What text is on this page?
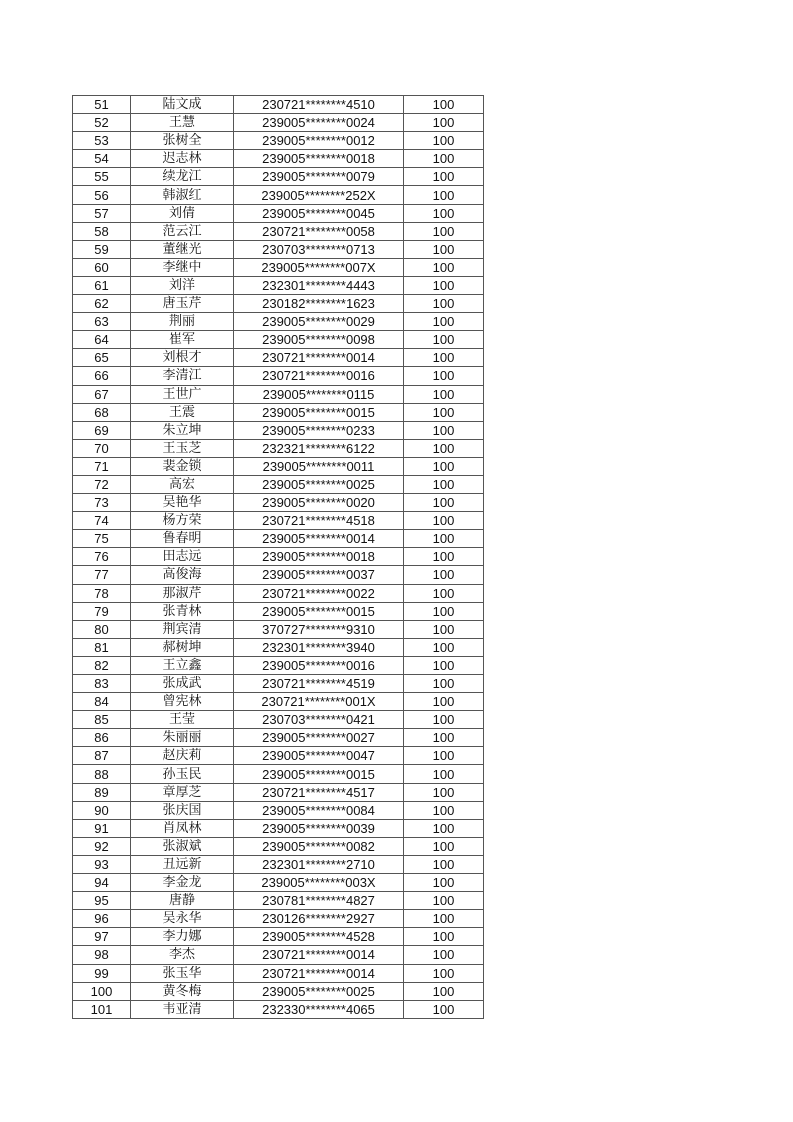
51	陆文成	230721********4510	100
52	王慧	239005********0024	100
53	张树全	239005********0012	100
54	迟志林	239005********0018	100
55	续龙江	239005********0079	100
56	韩淑红	239005********252X	100
57	刘倩	239005********0045	100
58	范云江	230721********0058	100
59	董继光	230703********0713	100
60	李继中	239005********007X	100
61	刘洋	232301********4443	100
62	唐玉芹	230182********1623	100
63	荆丽	239005********0029	100
64	崔军	239005********0098	100
65	刘根才	230721********0014	100
66	李清江	230721********0016	100
67	王世广	239005********0115	100
68	王震	239005********0015	100
69	朱立坤	239005********0233	100
70	王玉芝	232321********6122	100
71	裴金锁	239005********0011	100
72	高宏	239005********0025	100
73	吴艳华	239005********0020	100
74	杨方荣	230721********4518	100
75	鲁春明	239005********0014	100
76	田志远	239005********0018	100
77	高俊海	239005********0037	100
78	那淑芹	230721********0022	100
79	张青林	239005********0015	100
80	荆宾清	370727********9310	100
81	郝树坤	232301********3940	100
82	王立鑫	239005********0016	100
83	张成武	230721********4519	100
84	曾宪林	230721********001X	100
85	王莹	230703********0421	100
86	朱丽丽	239005********0027	100
87	赵庆莉	239005********0047	100
88	孙玉民	239005********0015	100
89	章厚芝	230721********4517	100
90	张庆国	239005********0084	100
91	肖凤林	239005********0039	100
92	张淑斌	239005********0082	100
93	丑远新	232301********2710	100
94	李金龙	239005********003X	100
95	唐静	230781********4827	100
96	吴永华	230126********2927	100
97	李力娜	239005********4528	100
98	李杰	230721********0014	100
99	张玉华	230721********0014	100
100	黄冬梅	239005********0025	100
101	韦亚清	232330********4065	100
